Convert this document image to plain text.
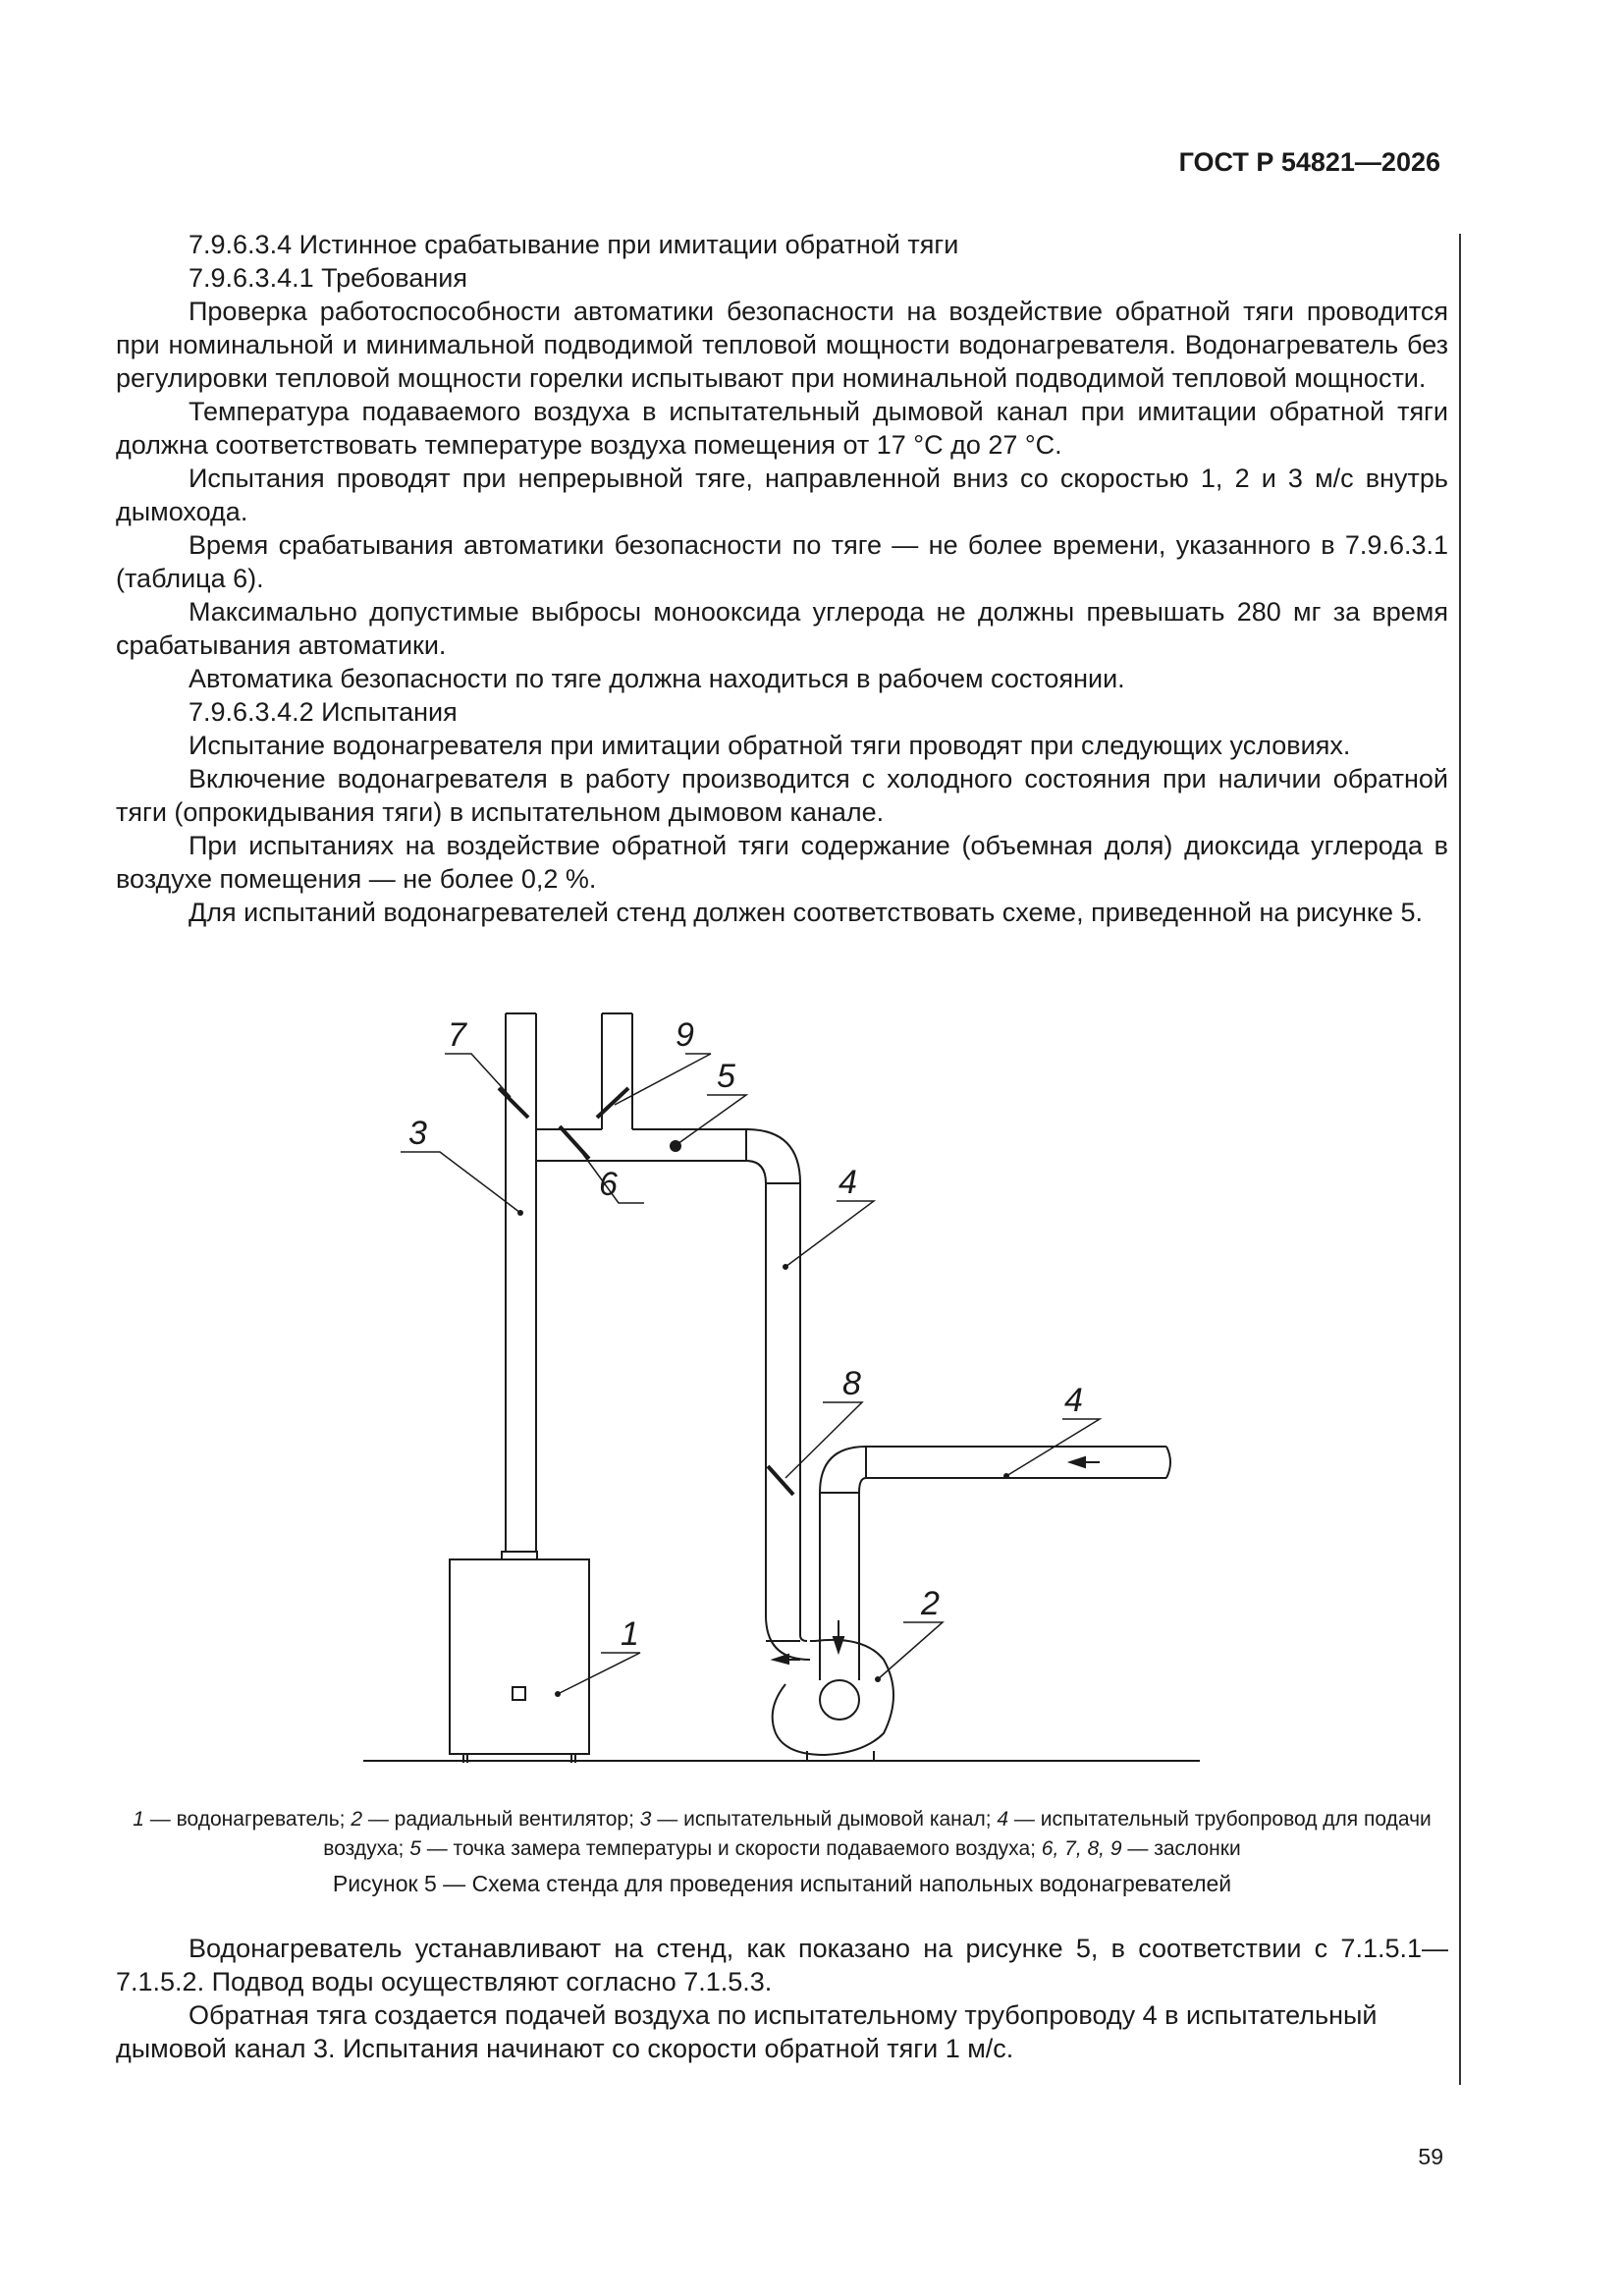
ГОСТ Р 54821—2026

7.9.6.3.4 Истинное срабатывание при имитации обратной тяги

7.9.6.3.4.1 Требования

Проверка работоспособности автоматики безопасности на воздействие обратной тяги проводится при номинальной и минимальной подводимой тепловой мощности водонагревателя. Водонагреватель без регулировки тепловой мощности горелки испытывают при номинальной подводимой тепловой мощности.

Температура подаваемого воздуха в испытательный дымовой канал при имитации обратной тяги должна соответствовать температуре воздуха помещения от 17 °С до 27 °С.

Испытания проводят при непрерывной тяге, направленной вниз со скоростью 1, 2 и 3 м/с внутрь дымохода.

Время срабатывания автоматики безопасности по тяге — не более времени, указанного в 7.9.6.3.1 (таблица 6).

Максимально допустимые выбросы монооксида углерода не должны превышать 280 мг за время срабатывания автоматики.

Автоматика безопасности по тяге должна находиться в рабочем состоянии.

7.9.6.3.4.2 Испытания

Испытание водонагревателя при имитации обратной тяги проводят при следующих условиях.

Включение водонагревателя в работу производится с холодного состояния при наличии обратной тяги (опрокидывания тяги) в испытательном дымовом канале.

При испытаниях на воздействие обратной тяги содержание (объемная доля) диоксида углерода в воздухе помещения — не более 0,2 %.

Для испытаний водонагревателей стенд должен соответствовать схеме, приведенной на рисунке 5.

7	9
5
3
6	4
8	4
2
1
1 — водонагреватель; 2 — радиальный вентилятор; 3 — испытательный дымовой канал; 4 — испытательный трубопровод для подачи воздуха; 5 — точка замера температуры и скорости подаваемого воздуха; 6, 7, 8, 9 — заслонки
Рисунок 5 — Схема стенда для проведения испытаний напольных водонагревателей

Водонагреватель устанавливают на стенд, как показано на рисунке 5, в соответствии с 7.1.5.1—7.1.5.2. Подвод воды осуществляют согласно 7.1.5.3.

Обратная тяга создается подачей воздуха по испытательному трубопроводу 4 в испытательный дымовой канал 3. Испытания начинают со скорости обратной тяги 1 м/с.

59
